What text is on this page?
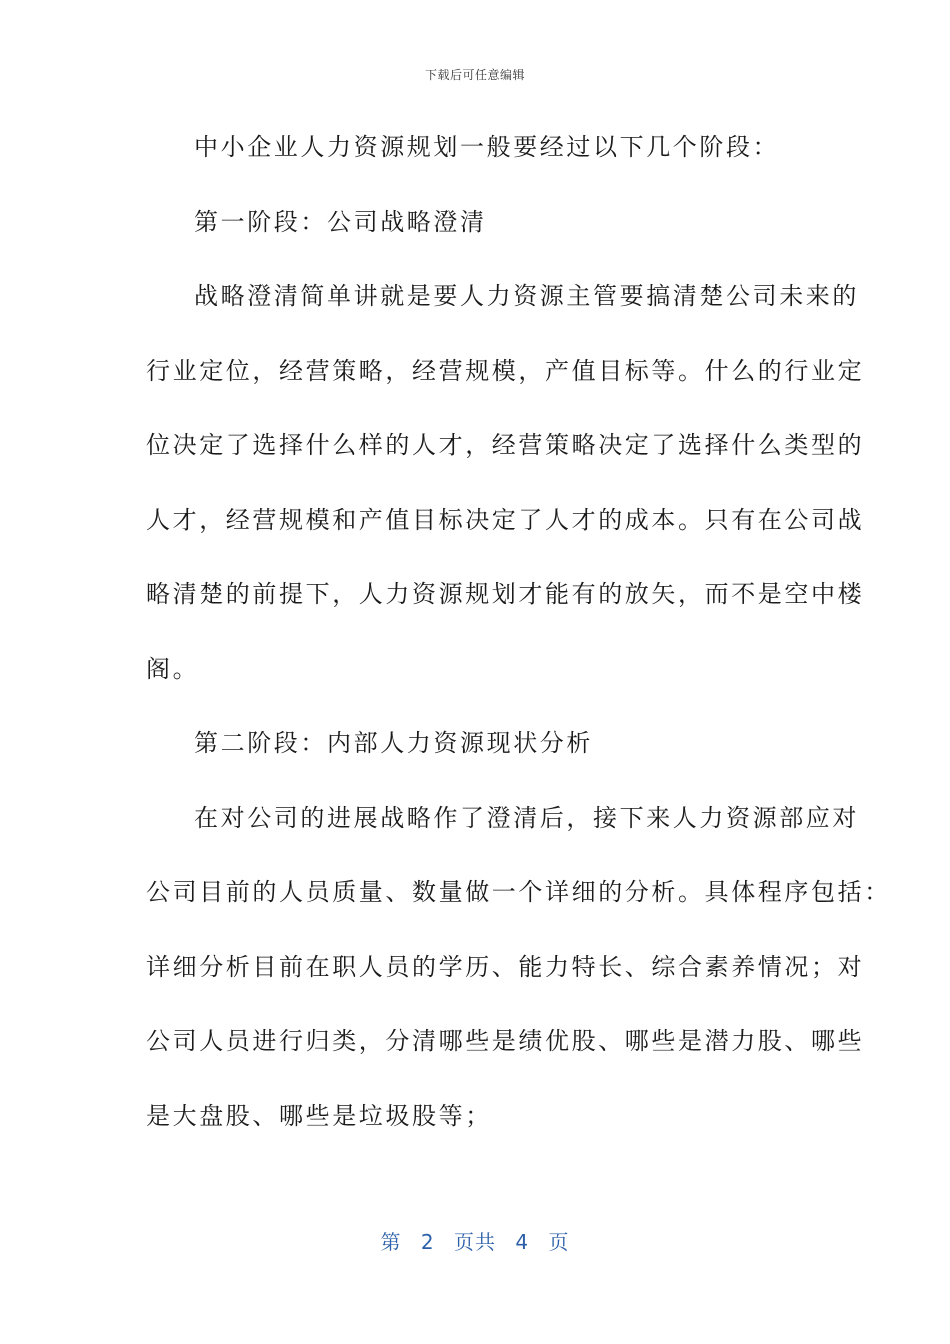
下载后可任意编辑
中小企业人力资源规划一般要经过以下几个阶段：
第一阶段：公司战略澄清
战略澄清简单讲就是要人力资源主管要搞清楚公司未来的
行业定位，经营策略，经营规模，产值目标等。什么的行业定
位决定了选择什么样的人才，经营策略决定了选择什么类型的
人才，经营规模和产值目标决定了人才的成本。只有在公司战
略清楚的前提下，人力资源规划才能有的放矢，而不是空中楼
阁。
第二阶段：内部人力资源现状分析
在对公司的进展战略作了澄清后，接下来人力资源部应对
公司目前的人员质量、数量做一个详细的分析。具体程序包括：
详细分析目前在职人员的学历、能力特长、综合素养情况；对
公司人员进行归类，分清哪些是绩优股、哪些是潜力股、哪些
是大盘股、哪些是垃圾股等；
第 2 页共 4 页
